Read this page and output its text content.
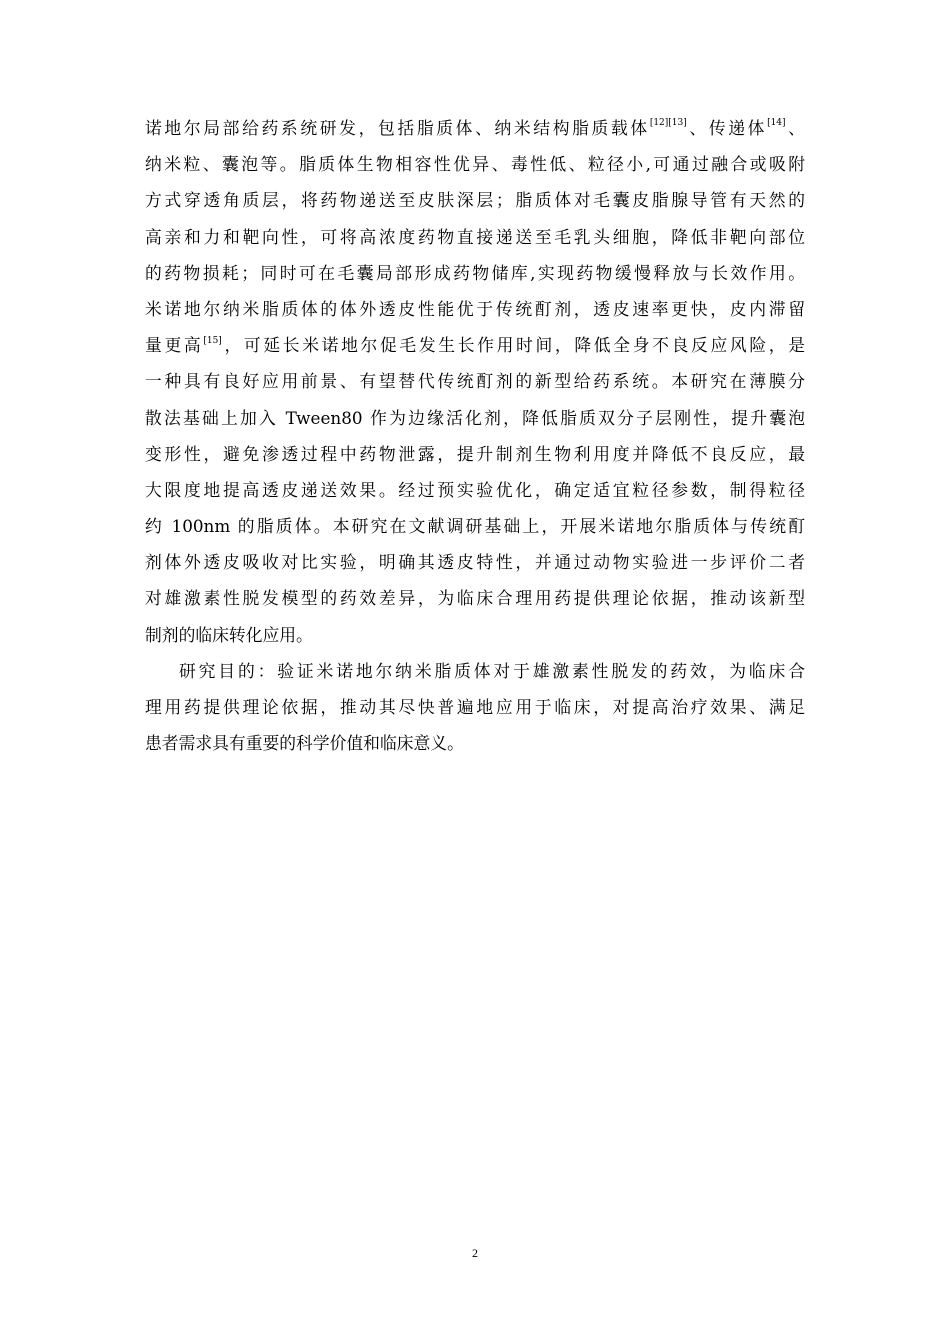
诺地尔局部给药系统研发，包括脂质体、纳米结构脂质载体[12][13]、传递体[14]、
纳米粒、囊泡等。脂质体生物相容性优异、毒性低、粒径小,可通过融合或吸附
方式穿透角质层，将药物递送至皮肤深层；脂质体对毛囊皮脂腺导管有天然的
高亲和力和靶向性，可将高浓度药物直接递送至毛乳头细胞，降低非靶向部位
的药物损耗；同时可在毛囊局部形成药物储库,实现药物缓慢释放与长效作用。
米诺地尔纳米脂质体的体外透皮性能优于传统酊剂，透皮速率更快，皮内滞留
量更高[15]，可延长米诺地尔促毛发生长作用时间，降低全身不良反应风险，是
一种具有良好应用前景、有望替代传统酊剂的新型给药系统。本研究在薄膜分
散法基础上加入 Tween80 作为边缘活化剂，降低脂质双分子层刚性，提升囊泡
变形性，避免渗透过程中药物泄露，提升制剂生物利用度并降低不良反应，最
大限度地提高透皮递送效果。经过预实验优化，确定适宜粒径参数，制得粒径
约 100nm 的脂质体。本研究在文献调研基础上，开展米诺地尔脂质体与传统酊
剂体外透皮吸收对比实验，明确其透皮特性，并通过动物实验进一步评价二者
对雄激素性脱发模型的药效差异，为临床合理用药提供理论依据，推动该新型
制剂的临床转化应用。
研究目的：验证米诺地尔纳米脂质体对于雄激素性脱发的药效，为临床合
理用药提供理论依据，推动其尽快普遍地应用于临床，对提高治疗效果、满足
患者需求具有重要的科学价值和临床意义。
2
